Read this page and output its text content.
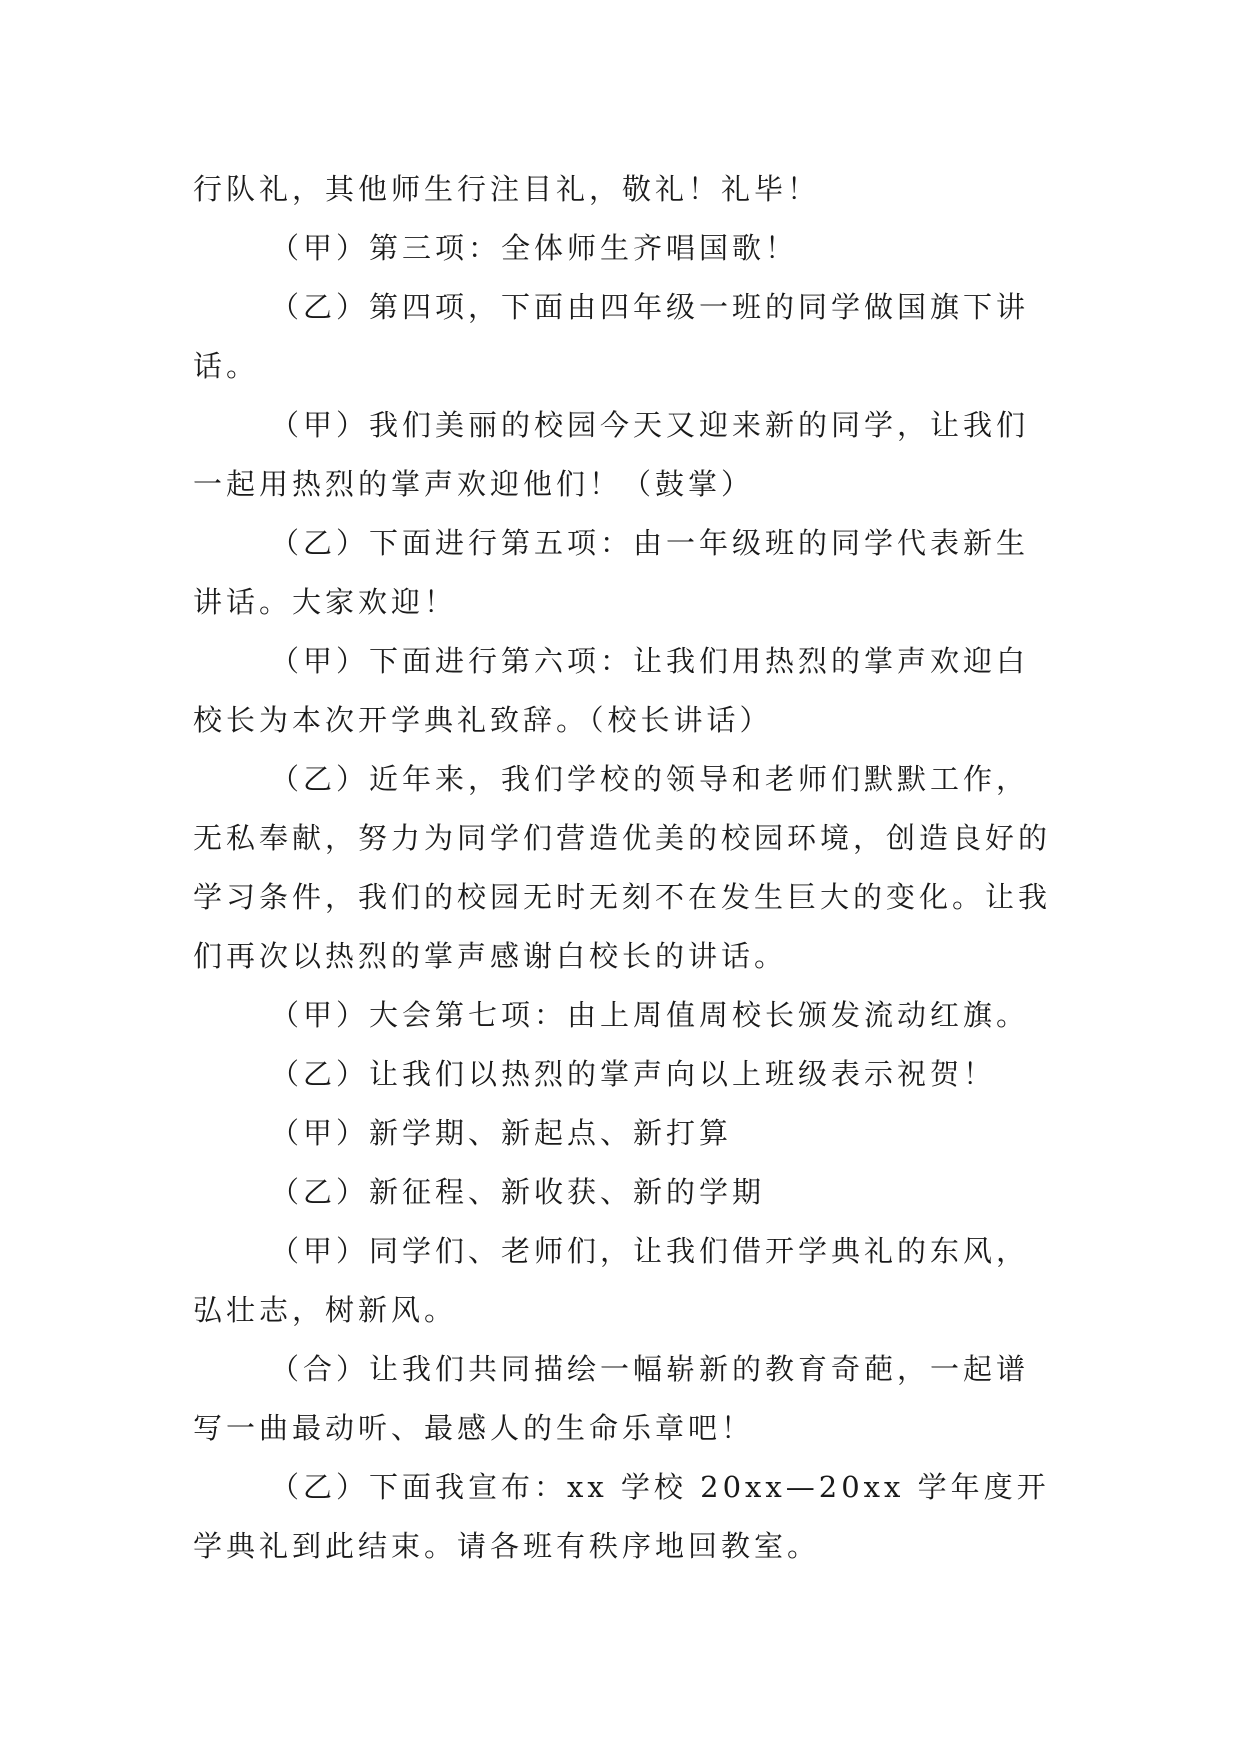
行队礼，其他师生行注目礼，敬礼！礼毕！

（甲）第三项：全体师生齐唱国歌！

（乙）第四项，下面由四年级一班的同学做国旗下讲话。

（甲）我们美丽的校园今天又迎来新的同学，让我们一起用热烈的掌声欢迎他们！（鼓掌）

（乙）下面进行第五项：由一年级班的同学代表新生讲话。大家欢迎！

（甲）下面进行第六项：让我们用热烈的掌声欢迎白校长为本次开学典礼致辞。（校长讲话）

（乙）近年来，我们学校的领导和老师们默默工作，无私奉献，努力为同学们营造优美的校园环境，创造良好的学习条件，我们的校园无时无刻不在发生巨大的变化。让我们再次以热烈的掌声感谢白校长的讲话。

（甲）大会第七项：由上周值周校长颁发流动红旗。

（乙）让我们以热烈的掌声向以上班级表示祝贺！

（甲）新学期、新起点、新打算

（乙）新征程、新收获、新的学期

（甲）同学们、老师们，让我们借开学典礼的东风，弘壮志，树新风。

（合）让我们共同描绘一幅崭新的教育奇葩，一起谱写一曲最动听、最感人的生命乐章吧！

（乙）下面我宣布：xx 学校 20xx—20xx 学年度开学典礼到此结束。请各班有秩序地回教室。
